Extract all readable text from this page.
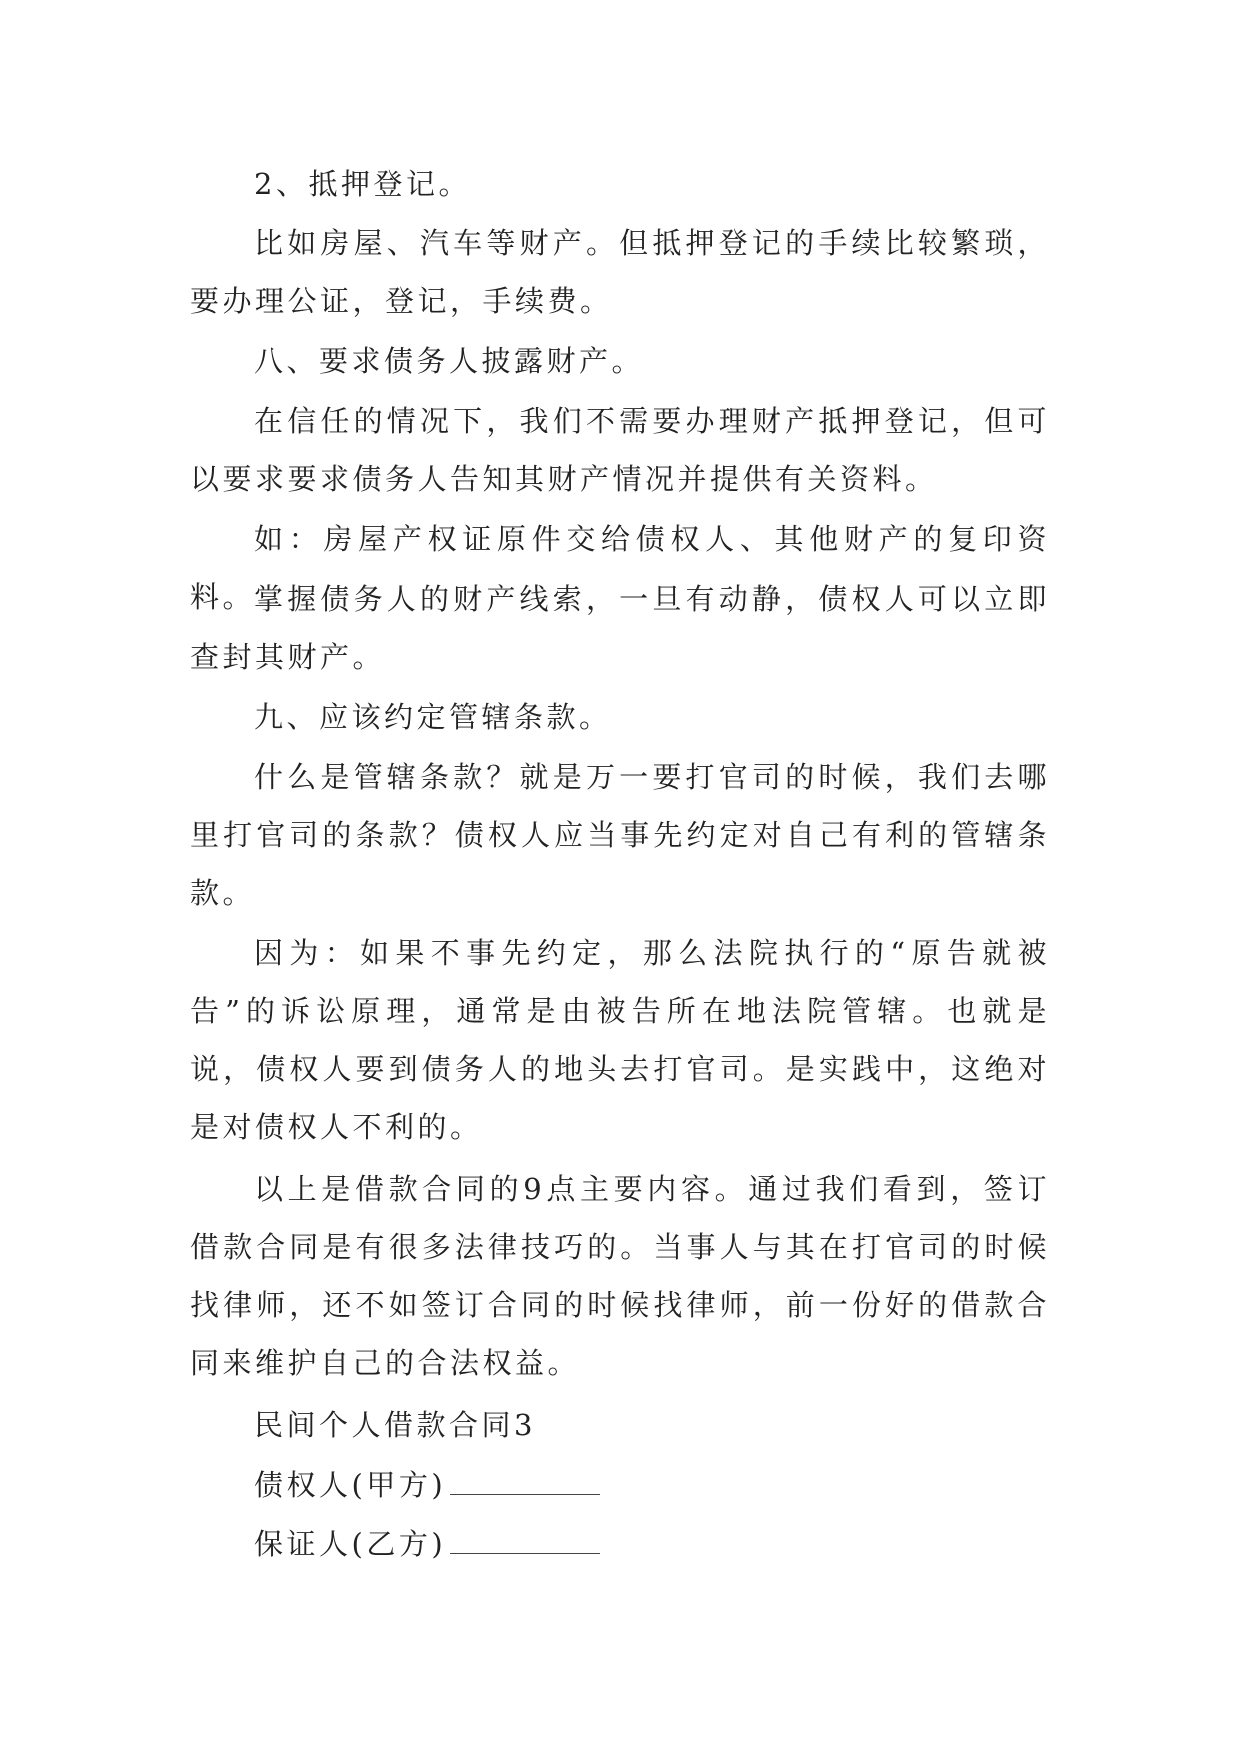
2、抵押登记。

比如房屋、汽车等财产。但抵押登记的手续比较繁琐，要办理公证，登记，手续费。

八、要求债务人披露财产。

在信任的情况下，我们不需要办理财产抵押登记，但可以要求要求债务人告知其财产情况并提供有关资料。

如：房屋产权证原件交给债权人、其他财产的复印资料。

掌握债务人的财产线索，一旦有动静，债权人可以立即查封其财产。

九、应该约定管辖条款。

什么是管辖条款？就是万一要打官司的时候，我们去哪里打官司的条款？债权人应当事先约定对自己有利的管辖条款。

因为：如果不事先约定，那么法院执行的“原告就被告”的诉讼原理，通常是由被告所在地法院管辖。也就是说，债权人要到债务人的地头去打官司。是实践中，这绝对是对债权人不利的。

以上是借款合同的9点主要内容。通过我们看到，签订借款合同是有很多法律技巧的。当事人与其在打官司的时候找律师，还不如签订合同的时候找律师，前一份好的借款合同来维护自己的合法权益。

民间个人借款合同3

债权人(甲方)

保证人(乙方)
